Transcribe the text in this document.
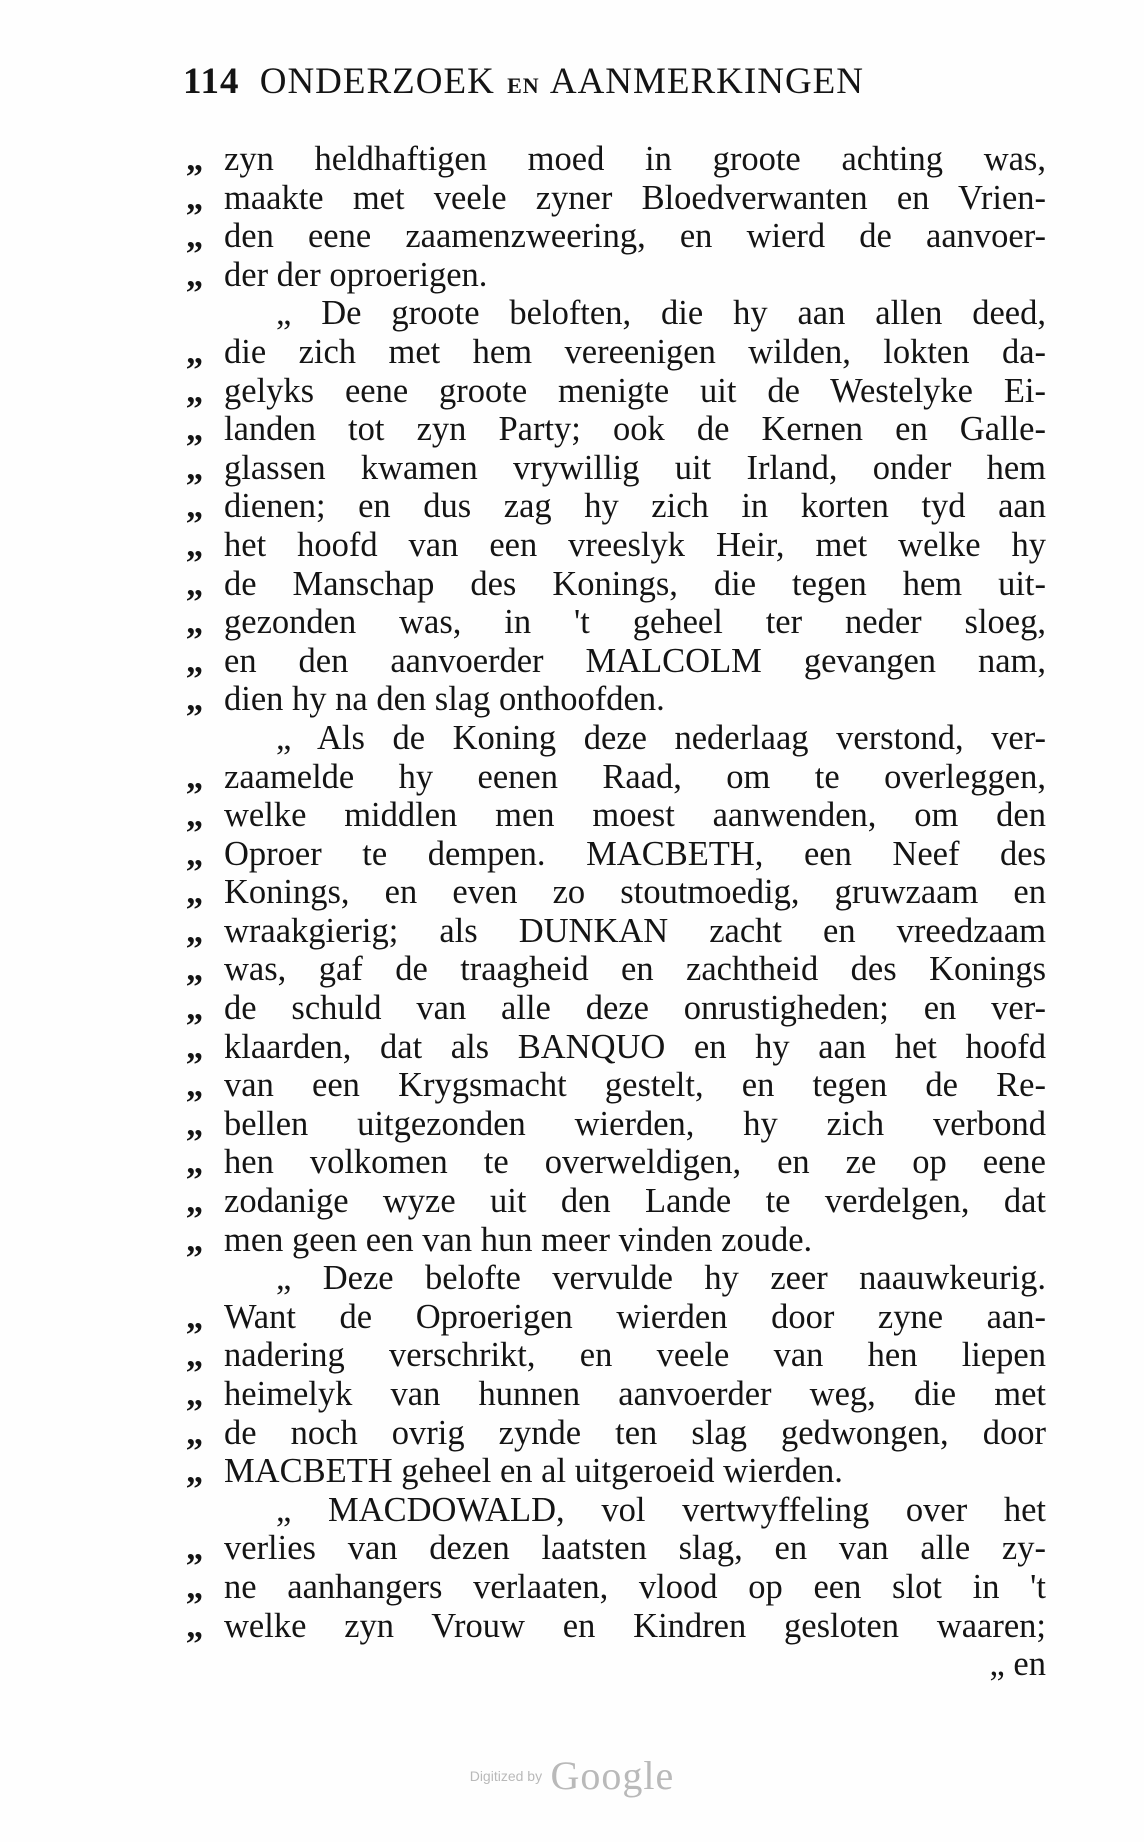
114 ONDERZOEK EN AANMERKINGEN
„ zyn heldhaftigen moed in groote achting was,
„ maakte met veele zyner Bloedverwanten en Vrien-
„ den eene zaamenzweering, en wierd de aanvoer-
„ der der oproerigen.
„ De groote beloften, die hy aan allen deed,
„ die zich met hem vereenigen wilden, lokten da-
„ gelyks eene groote menigte uit de Westelyke Ei-
„ landen tot zyn Party; ook de Kernen en Galle-
„ glassen kwamen vrywillig uit Irland, onder hem
„ dienen; en dus zag hy zich in korten tyd aan
„ het hoofd van een vreeslyk Heir, met welke hy
„ de Manschap des Konings, die tegen hem uit-
„ gezonden was, in 't geheel ter neder sloeg,
„ en den aanvoerder MALCOLM gevangen nam,
„ dien hy na den slag onthoofden.
„ Als de Koning deze nederlaag verstond, ver-
„ zaamelde hy eenen Raad, om te overleggen,
„ welke middlen men moest aanwenden, om den
„ Oproer te dempen. MACBETH, een Neef des
„ Konings, en even zo stoutmoedig, gruwzaam en
„ wraakgierig; als DUNKAN zacht en vreedzaam
„ was, gaf de traagheid en zachtheid des Konings
„ de schuld van alle deze onrustigheden; en ver-
„ klaarden, dat als BANQUO en hy aan het hoofd
„ van een Krygsmacht gestelt, en tegen de Re-
„ bellen uitgezonden wierden, hy zich verbond
„ hen volkomen te overweldigen, en ze op eene
„ zodanige wyze uit den Lande te verdelgen, dat
„ men geen een van hun meer vinden zoude.
„ Deze belofte vervulde hy zeer naauwkeurig.
„ Want de Oproerigen wierden door zyne aan-
„ nadering verschrikt, en veele van hen liepen
„ heimelyk van hunnen aanvoerder weg, die met
„ de noch ovrig zynde ten slag gedwongen, door
„ MACBETH geheel en al uitgeroeid wierden.
„ MACDOWALD, vol vertwyffeling over het
„ verlies van dezen laatsten slag, en van alle zy-
„ ne aanhangers verlaaten, vlood op een slot in 't
„ welke zyn Vrouw en Kindren gesloten waaren;
„ en
Digitized by Google
